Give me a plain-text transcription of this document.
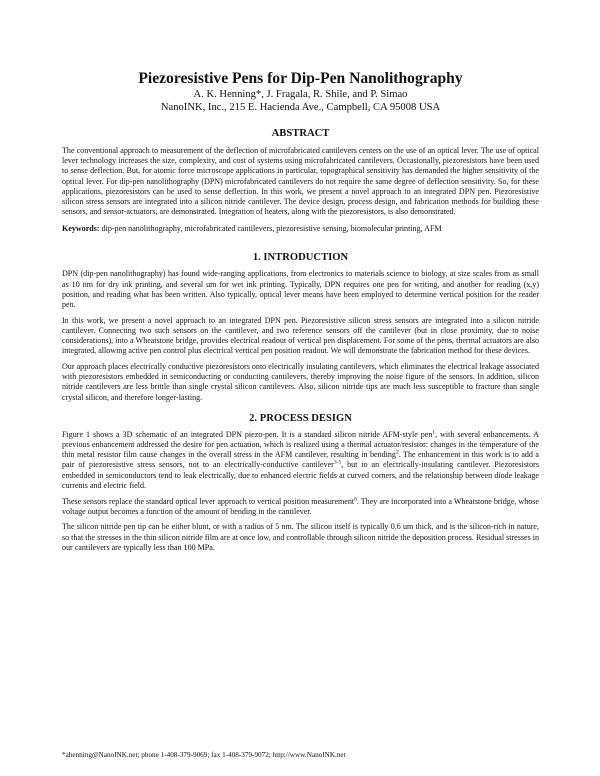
Piezoresistive Pens for Dip-Pen Nanolithography

A. K. Henning*, J. Fragala, R. Shile, and P. Simao

NanoINK, Inc., 215 E. Hacienda Ave., Campbell, CA 95008 USA

ABSTRACT

The conventional approach to measurement of the deflection of microfabricated cantilevers centers on the use of an optical lever. The use of optical lever technology increases the size, complexity, and cost of systems using microfabricated cantilevers. Occasionally, piezoresistors have been used to sense deflection. But, for atomic force microscope applications in particular, topographical sensitivity has demanded the higher sensitivity of the optical lever. For dip-pen nanolithography (DPN) microfabricated cantilevers do not require the same degree of deflection sensitivity. So, for these applications, piezoresistors can be used to sense deflection. In this work, we present a novel approach to an integrated DPN pen. Piezoresistive silicon stress sensors are integrated into a silicon nitride cantilever. The device design, process design, and fabrication methods for building these sensors, and sensor-actuators, are demonstrated. Integration of heaters, along with the piezoresistors, is also demonstrated.

Keywords: dip-pen nanolithography, microfabricated cantilevers, piezoresistive sensing, biomolecular printing, AFM

1. INTRODUCTION

DPN (dip-pen nanolithography) has found wide-ranging applications, from electronics to materials science to biology, at size scales from as small as 10 nm for dry ink printing, and several um for wet ink printing. Typically, DPN requires one pen for writing, and another for reading (x,y) position, and reading what has been written. Also typically, optical lever means have been employed to determine vertical position for the reader pen.

In this work, we present a novel approach to an integrated DPN pen. Piezoresistive silicon stress sensors are integrated into a silicon nitride cantilever. Connecting two such sensors on the cantilever, and two reference sensors off the cantilever (but in close proximity, due to noise considerations), into a Wheatstone bridge, provides electrical readout of vertical pen displacement. For some of the pens, thermal actuators are also integrated, allowing active pen control plus electrical vertical pen position readout. We will demonstrate the fabrication method for these devices.

Our approach places electrically conductive piezoresistors onto electrically insulating cantilevers, which eliminates the electrical leakage associated with piezoresistors embedded in semiconducting or conducting cantilevers, thereby improving the noise figure of the sensors. In addition, silicon nitride cantilevers are less brittle than single crystal silicon cantilevers. Also, silicon nitride tips are much less susceptible to fracture than single crystal silicon, and therefore longer-lasting.

2. PROCESS DESIGN

Figure 1 shows a 3D schematic of an integrated DPN piezo-pen. It is a standard silicon nitride AFM-style pen$^1$, with several enhancements. A previous enhancement addressed the desire for pen actuation, which is realized using a thermal actuator/resistor: changes in the temperature of the thin metal resistor film cause changes in the overall stress in the AFM cantilever, resulting in bending$^2$. The enhancement in this work is to add a pair of piezoresistive stress sensors, not to an electrically-conductive cantilever$^{3-5}$, but to an electrically-insulating cantilever. Piezoresistors embedded in semiconductors tend to leak electrically, due to enhanced electric fields at curved corners, and the relationship between diode leakage currents and electric field.

These sensors replace the standard optical lever approach to vertical position measurement$^6$. They are incorporated into a Wheatstone bridge, whose voltage output becomes a function of the amount of bending in the cantilever.

The silicon nitride pen tip can be either blunt, or with a radius of 5 nm. The silicon itself is typically 0.6 um thick, and is the silicon-rich in nature, so that the stresses in the thin silicon nitride film are at once low, and controllable through silicon nitride the deposition process. Residual stresses in our cantilevers are typically less than 100 MPa.

*ahenning@NanoINK.net; phone 1-408-379-9069; fax 1-408-379-9072; http://www.NanoINK.net
